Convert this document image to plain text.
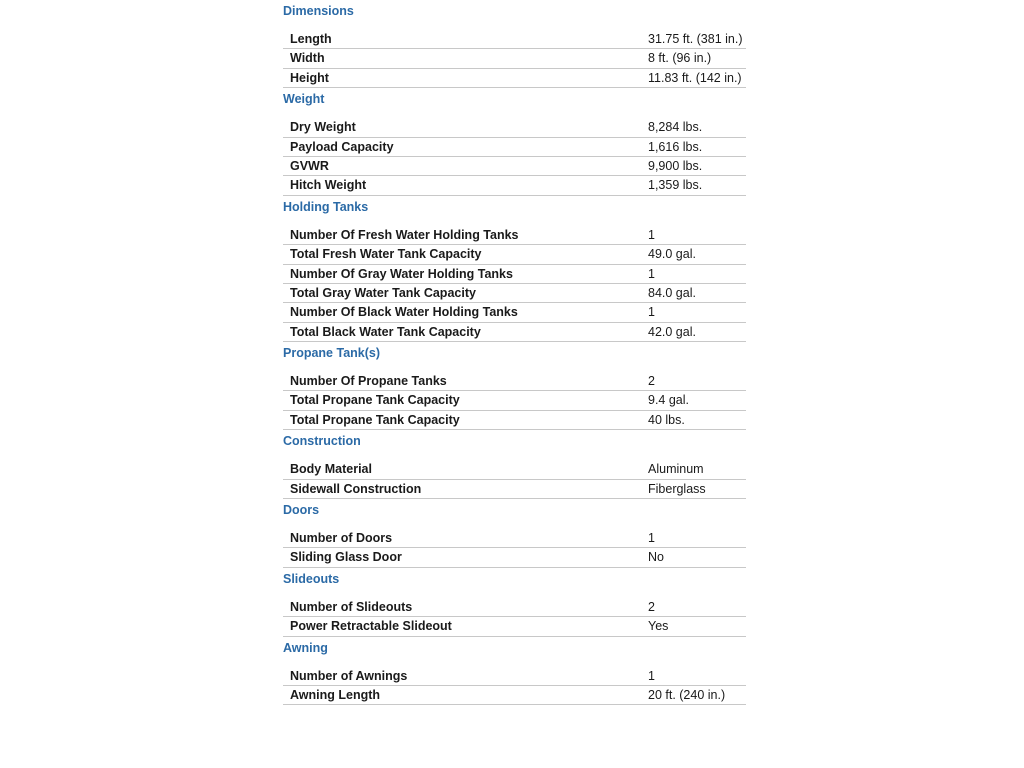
Dimensions
Length	31.75 ft. (381 in.)
Width	8 ft. (96 in.)
Height	11.83 ft. (142 in.)
Weight
Dry Weight	8,284 lbs.
Payload Capacity	1,616 lbs.
GVWR	9,900 lbs.
Hitch Weight	1,359 lbs.
Holding Tanks
Number Of Fresh Water Holding Tanks	1
Total Fresh Water Tank Capacity	49.0 gal.
Number Of Gray Water Holding Tanks	1
Total Gray Water Tank Capacity	84.0 gal.
Number Of Black Water Holding Tanks	1
Total Black Water Tank Capacity	42.0 gal.
Propane Tank(s)
Number Of Propane Tanks	2
Total Propane Tank Capacity	9.4 gal.
Total Propane Tank Capacity	40 lbs.
Construction
Body Material	Aluminum
Sidewall Construction	Fiberglass
Doors
Number of Doors	1
Sliding Glass Door	No
Slideouts
Number of Slideouts	2
Power Retractable Slideout	Yes
Awning
Number of Awnings	1
Awning Length	20 ft. (240 in.)
